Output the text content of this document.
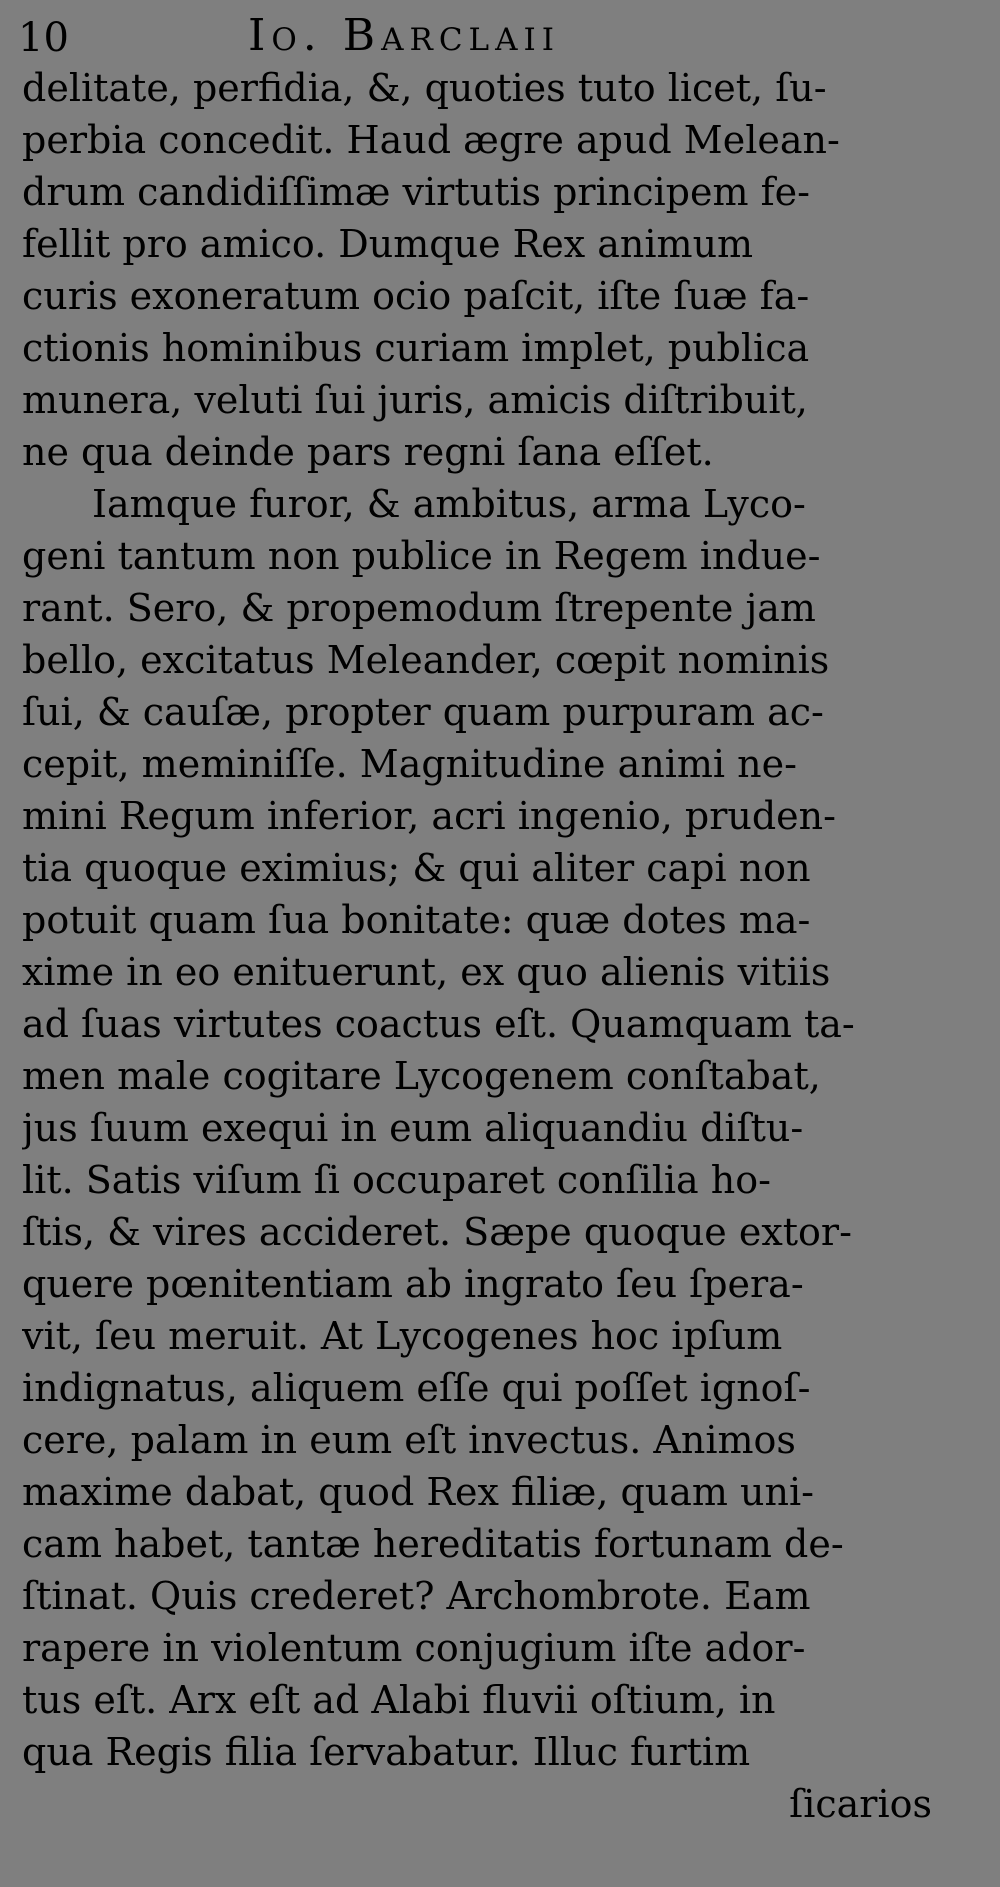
10	Io. Barclaii
delitate, perfidia, &, quoties tuto licet, ſu-
perbia concedit. Haud ægre apud Melean-
drum candidiſſimæ virtutis principem fe-
fellit pro amico. Dumque Rex animum
curis exoneratum ocio paſcit, iſte ſuæ fa-
ctionis hominibus curiam implet, publica
munera, veluti ſui juris, amicis diſtribuit,
ne qua deinde pars regni ſana eſſet.
Iamque furor, & ambitus, arma Lyco-
geni tantum non publice in Regem indue-
rant. Sero, & propemodum ſtrepente jam
bello, excitatus Meleander, cœpit nominis
ſui, & cauſæ, propter quam purpuram ac-
cepit, meminiſſe. Magnitudine animi ne-
mini Regum inferior, acri ingenio, pruden-
tia quoque eximius; & qui aliter capi non
potuit quam ſua bonitate: quæ dotes ma-
xime in eo enituerunt, ex quo alienis vitiis
ad ſuas virtutes coactus eſt. Quamquam ta-
men male cogitare Lycogenem conſtabat,
jus ſuum exequi in eum aliquandiu diſtu-
lit. Satis viſum ſi occuparet conſilia ho-
ſtis, & vires accideret. Sæpe quoque extor-
quere pœnitentiam ab ingrato ſeu ſpera-
vit, ſeu meruit. At Lycogenes hoc ipſum
indignatus, aliquem eſſe qui poſſet ignoſ-
cere, palam in eum eſt invectus. Animos
maxime dabat, quod Rex filiæ, quam uni-
cam habet, tantæ hereditatis fortunam de-
ſtinat. Quis crederet? Archombrote. Eam
rapere in violentum conjugium iſte ador-
tus eſt. Arx eſt ad Alabi fluvii oſtium, in
qua Regis filia ſervabatur. Illuc furtim
ſicarios
